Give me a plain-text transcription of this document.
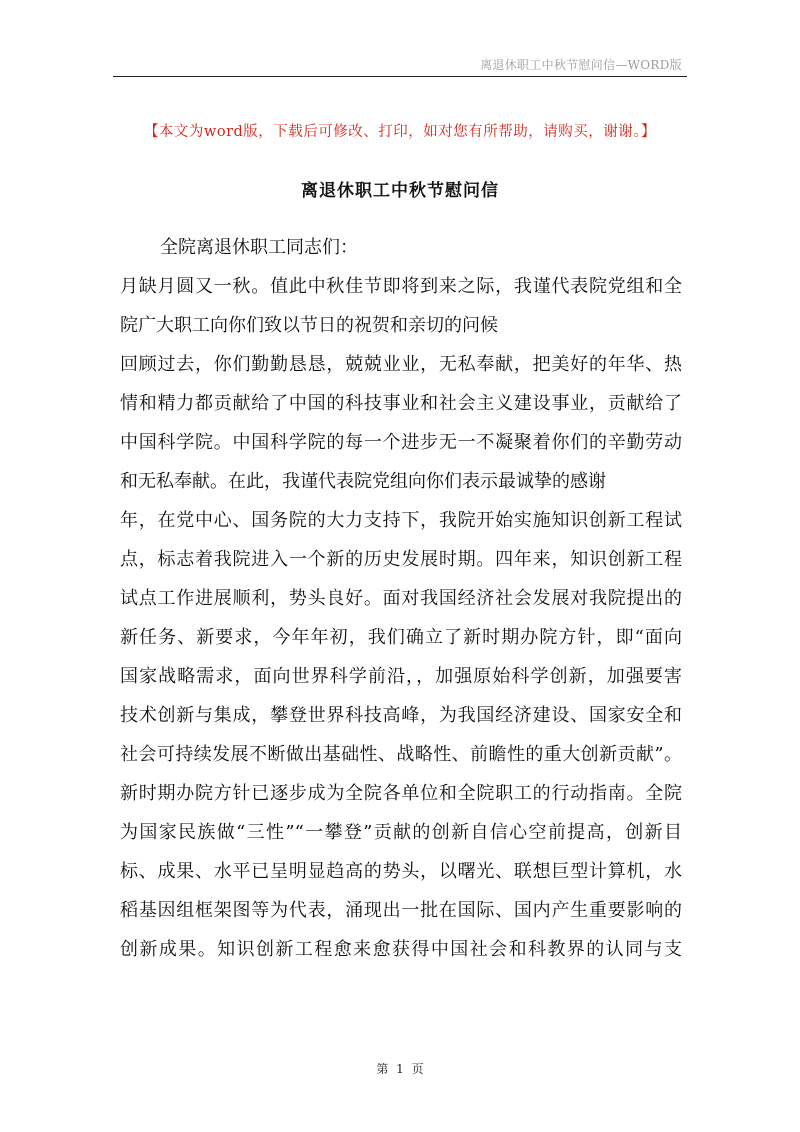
离退休职工中秋节慰问信—WORD版
【本文为word版，下载后可修改、打印，如对您有所帮助，请购买，谢谢。】
离退休职工中秋节慰问信
全院离退休职工同志们：
月缺月圆又一秋。值此中秋佳节即将到来之际，我谨代表院党组和全
院广大职工向你们致以节日的祝贺和亲切的问候
回顾过去，你们勤勤恳恳，兢兢业业，无私奉献，把美好的年华、热
情和精力都贡献给了中国的科技事业和社会主义建设事业，贡献给了
中国科学院。中国科学院的每一个进步无一不凝聚着你们的辛勤劳动
和无私奉献。在此，我谨代表院党组向你们表示最诚挚的感谢
年，在党中心、国务院的大力支持下，我院开始实施知识创新工程试
点，标志着我院进入一个新的历史发展时期。四年来，知识创新工程
试点工作进展顺利，势头良好。面对我国经济社会发展对我院提出的
新任务、新要求，今年年初，我们确立了新时期办院方针，即“面向
国家战略需求，面向世界科学前沿，，加强原始科学创新，加强要害
技术创新与集成，攀登世界科技高峰，为我国经济建设、国家安全和
社会可持续发展不断做出基础性、战略性、前瞻性的重大创新贡献”。
新时期办院方针已逐步成为全院各单位和全院职工的行动指南。全院
为国家民族做“三性”“一攀登”贡献的创新自信心空前提高，创新目
标、成果、水平已呈明显趋高的势头，以曙光、联想巨型计算机，水
稻基因组框架图等为代表，涌现出一批在国际、国内产生重要影响的
创新成果。知识创新工程愈来愈获得中国社会和科教界的认同与支
第 1 页
